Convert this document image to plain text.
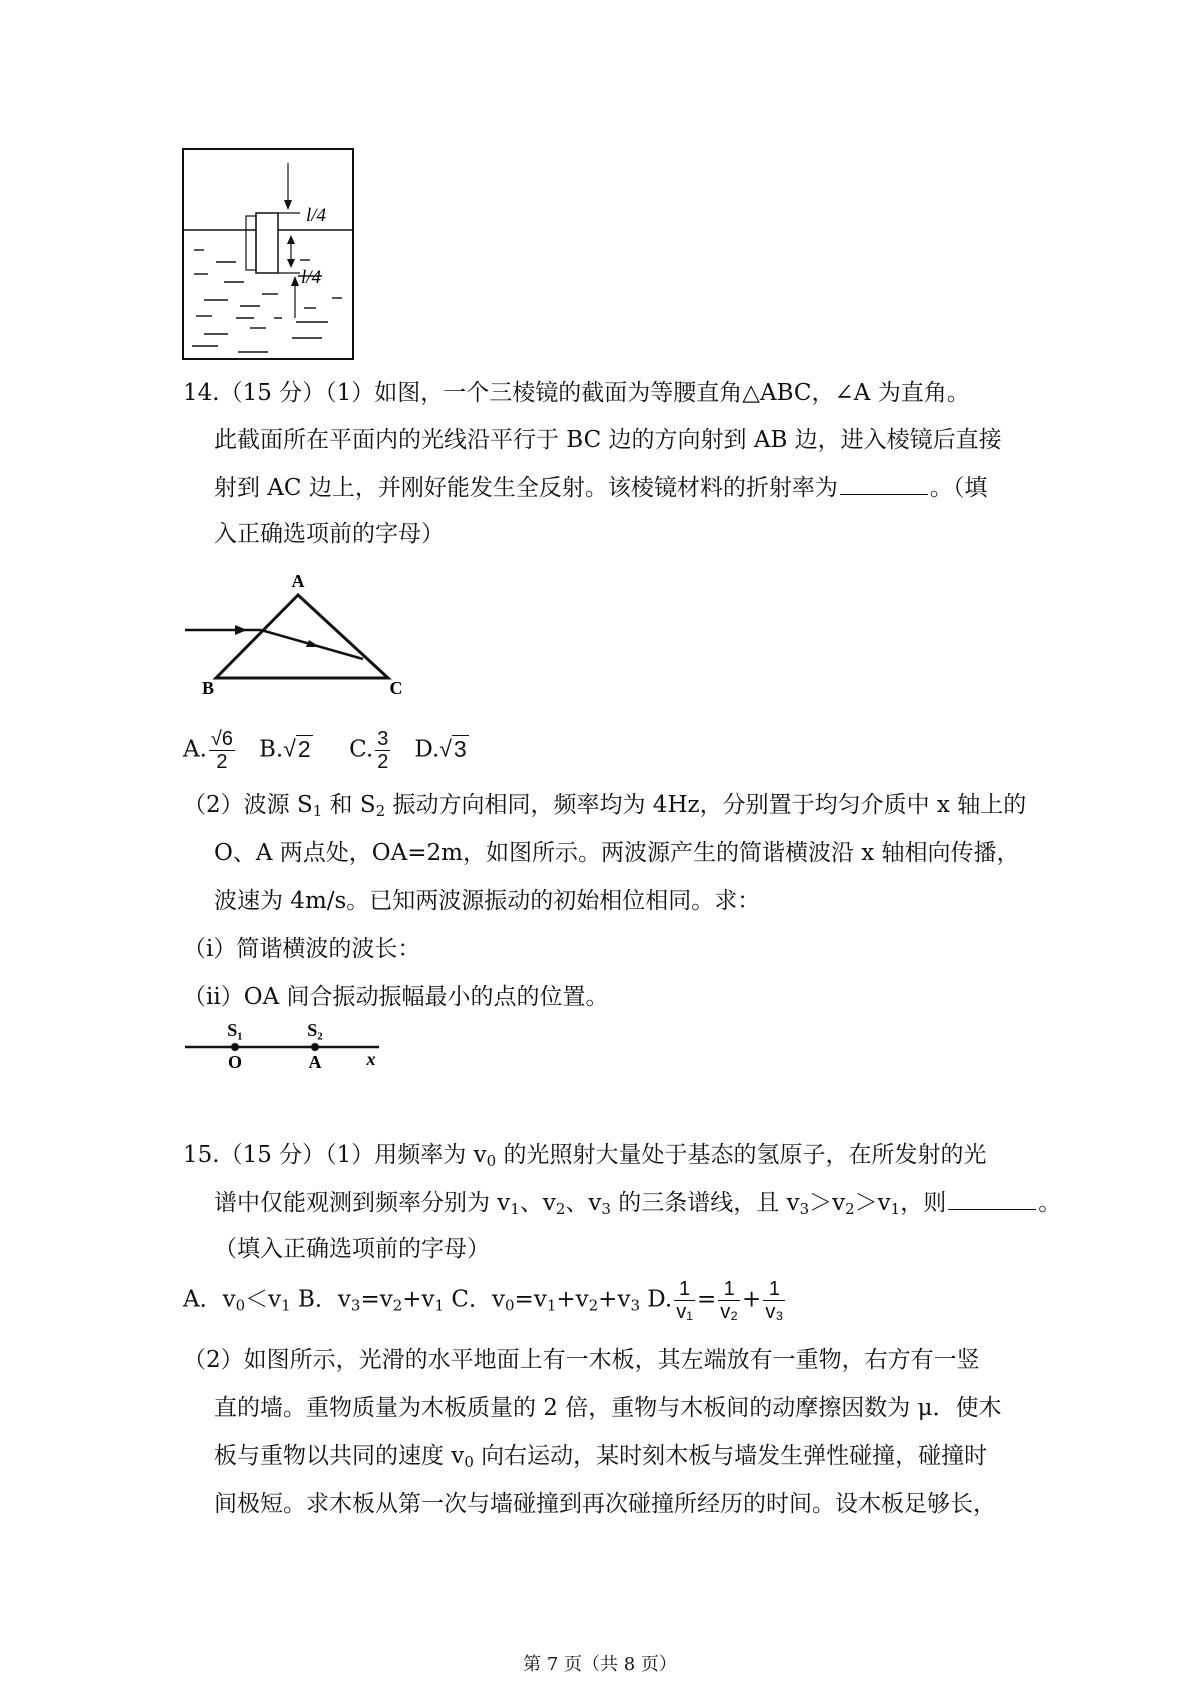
l/4
l/4
14.（15 分）（1）如图，一个三棱镜的截面为等腰直角△ABC，∠A 为直角。
此截面所在平面内的光线沿平行于 BC 边的方向射到 AB 边，进入棱镜后直接
射到 AC 边上，并刚好能发生全反射。该棱镜材料的折射率为	。（填
入正确选项前的字母）
A
B	C
A. $\frac{√6}{2} B.√2$ C. $\frac{3}{2} D.√3$
（2）波源 $S_1$ 和 $S_2$ 振动方向相同，频率均为 4Hz，分别置于均匀介质中 x 轴上的
O、A 两点处，OA=2m，如图所示。两波源产生的简谐横波沿 x 轴相向传播，
波速为 4m/s。已知两波源振动的初始相位相同。求：
（i）简谐横波的波长：
（ii）OA 间合振动振幅最小的点的位置。
S₁	S₂
O	A	x
15.（15 分）（1）用频率为 $v_0$ 的光照射大量处于基态的氢原子，在所发射的光
谱中仅能观测到频率分别为 $v_1$、$v_2$、$v_3$ 的三条谱线，且 $v_3>v_2>v_1$，则	。
（填入正确选项前的字母）
A．$v_0<v_1$ B．$v_3=v_2+v_1$ C．$v_0=v_1+v_2+v_3$ D. $\frac{1}{\text{v₁}} = \frac{1}{\text{v₂}} + \frac{1}{\text{v₃}}$
（2）如图所示，光滑的水平地面上有一木板，其左端放有一重物，右方有一竖
直的墙。重物质量为木板质量的 2 倍，重物与木板间的动摩擦因数为 μ．使木
板与重物以共同的速度 $v_0$ 向右运动，某时刻木板与墙发生弹性碰撞，碰撞时
间极短。求木板从第一次与墙碰撞到再次碰撞所经历的时间。设木板足够长，
第 7 页（共 8 页）
